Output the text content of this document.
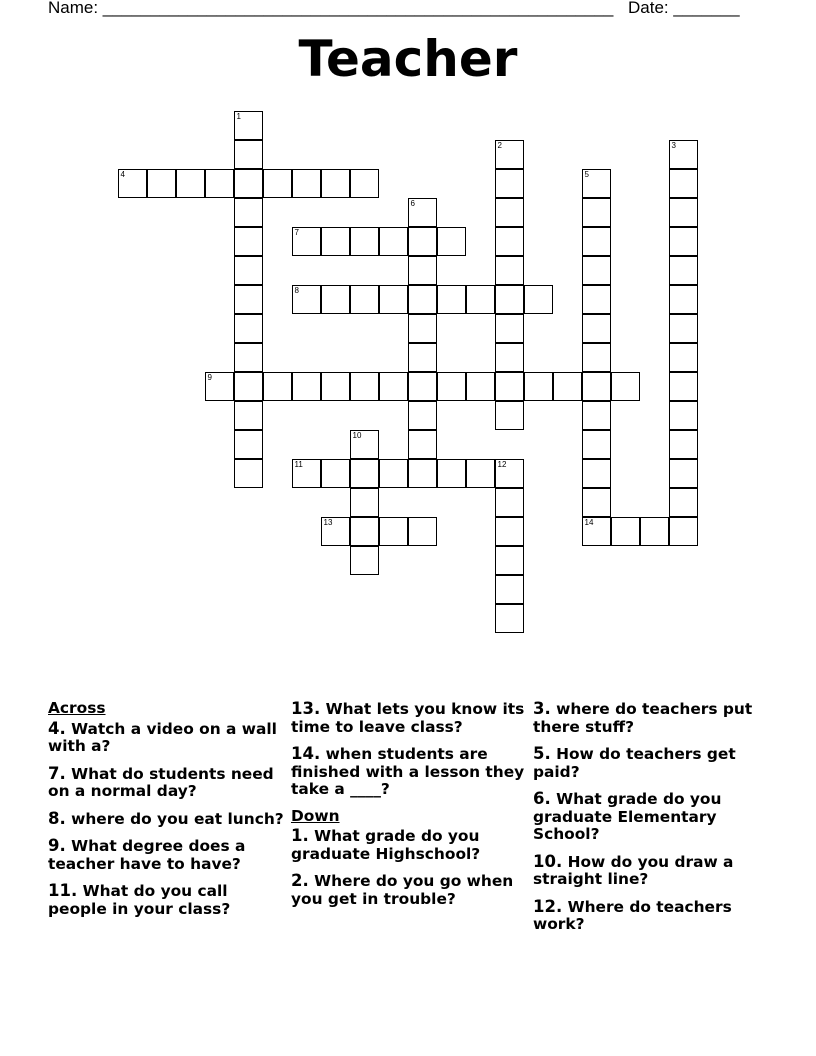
Name: ______________________________________________________ Date: _______
Teacher
4
7
8
9
11	12
13	14
1
2	3
5
6
10
Across
4. Watch a video on a wall with a?
7. What do students need on a normal day?
8. where do you eat lunch?
9. What degree does a teacher have to have?
11. What do you call people in your class?
13. What lets you know its time to leave class?
14. when students are finished with a lesson they take a ____?
Down
1. What grade do you graduate Highschool?
2. Where do you go when you get in trouble?
3. where do teachers put there stuff?
5. How do teachers get paid?
6. What grade do you graduate Elementary School?
10. How do you draw a straight line?
12. Where do teachers work?
